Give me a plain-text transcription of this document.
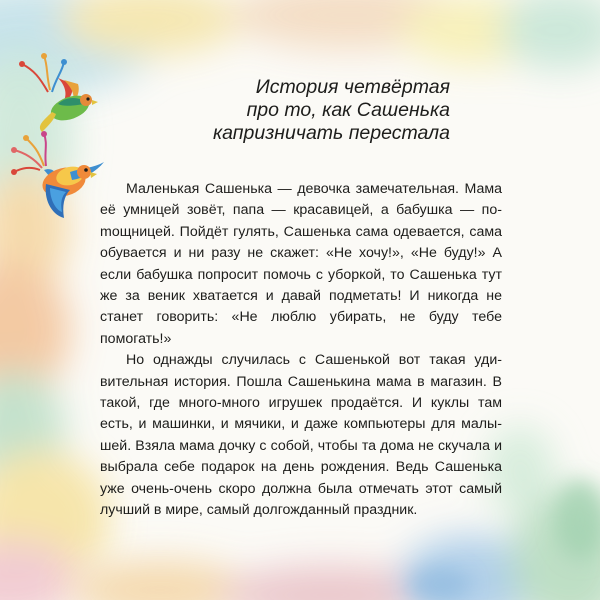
История четвёртая
про то, как Сашенька
капризничать перестала

Маленькая Сашенька — девочка замечательная. Мама её умницей зовёт, папа — красавицей, а бабушка — поmощницей. Пойдёт гулять, Сашенька сама одевается, сама обувается и ни разу не скажет: «Не хочу!», «Не буду!» А если бабушка попросит помочь с уборкой, то Сашенька тут же за веник хватается и давай подметать! И никогда не станет говорить: «Не люблю убирать, не буду тебе помогать!»

Но однажды случилась с Сашенькой вот такая удивительная история. Пошла Сашенькина мама в магазин. В такой, где много-много игрушек продаётся. И куклы там есть, и машинки, и мячики, и даже компьютеры для малышей. Взяла мама дочку с собой, чтобы та дома не скучала и выбрала себе подарок на день рождения. Ведь Сашенька уже очень-очень скоро должна была отмечать этот самый лучший в мире, самый долгожданный праздник.
